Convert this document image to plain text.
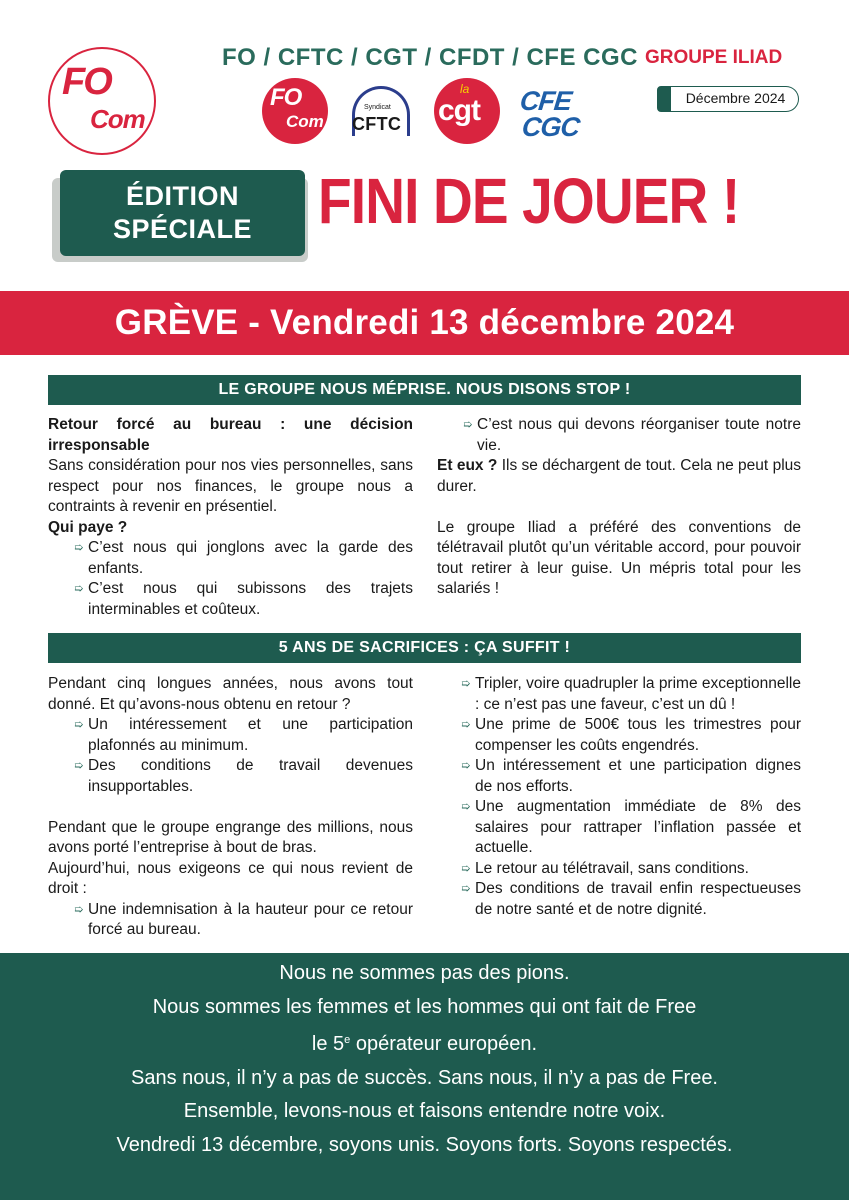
FO
Com
FO / CFTC / CGT / CFDT / CFE CGC GROUPE ILIAD
Décembre 2024
FO
Com
Syndicat
CFTC
la
cgt CFE
CGC
ÉDITION
SPÉCIALE	FINI DE JOUER !
GRÈVE - Vendredi 13 décembre 2024
LE GROUPE NOUS MÉPRISE. NOUS DISONS STOP !

Retour forcé au bureau : une décision irresponsable

Sans considération pour nos vies personnelles, sans respect pour nos finances, le groupe nous a contraints à revenir en présentiel.

Qui paye ?

➯ C’est nous qui jonglons avec la garde des enfants.
➯ C’est nous qui subissons des trajets interminables et coûteux.
➯ C’est nous qui devons réorganiser toute notre vie.

Et eux ? Ils se déchargent de tout. Cela ne peut plus durer.

Le groupe Iliad a préféré des conventions de télétravail plutôt qu’un véritable accord, pour pouvoir tout retirer à leur guise. Un mépris total pour les salariés !

5 ANS DE SACRIFICES : ÇA SUFFIT !

Pendant cinq longues années, nous avons tout donné. Et qu’avons-nous obtenu en retour ?

➯ Un intéressement et une participation plafonnés au minimum.
➯ Des conditions de travail devenues insupportables.

Pendant que le groupe engrange des millions, nous avons porté l’entreprise à bout de bras.

Aujourd’hui, nous exigeons ce qui nous revient de droit :

➯ Une indemnisation à la hauteur pour ce retour forcé au bureau.
➯ Tripler, voire quadrupler la prime exceptionnelle : ce n’est pas une faveur, c’est un dû !
➯ Une prime de 500€ tous les trimestres pour compenser les coûts engendrés.
➯ Un intéressement et une participation dignes de nos efforts.
➯ Une augmentation immédiate de 8% des salaires pour rattraper l’inflation passée et actuelle.
➯ Le retour au télétravail, sans conditions.
➯ Des conditions de travail enfin respectueuses de notre santé et de notre dignité.
Nous ne sommes pas des pions.
Nous sommes les femmes et les hommes qui ont fait de Free
le 5e opérateur européen.
Sans nous, il n’y a pas de succès. Sans nous, il n’y a pas de Free.
Ensemble, levons-nous et faisons entendre notre voix.
Vendredi 13 décembre, soyons unis. Soyons forts. Soyons respectés.
